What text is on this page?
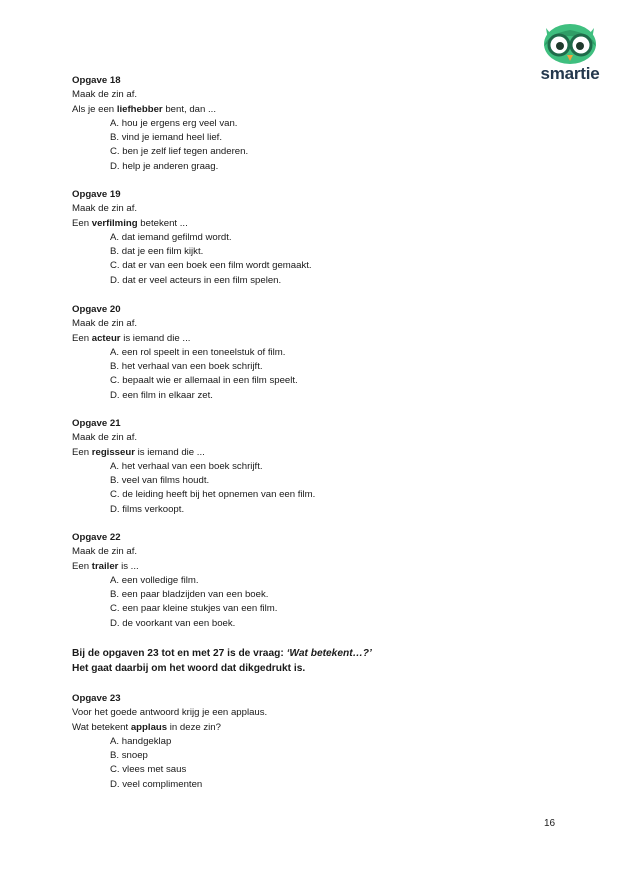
smartie
Opgave 18
Maak de zin af.
Als je een liefhebber bent, dan ...
A. hou je ergens erg veel van.
B. vind je iemand heel lief.
C. ben je zelf lief tegen anderen.
D. help je anderen graag.
Opgave 19
Maak de zin af.
Een verfilming betekent ...
A. dat iemand gefilmd wordt.
B. dat je een film kijkt.
C. dat er van een boek een film wordt gemaakt.
D. dat er veel acteurs in een film spelen.
Opgave 20
Maak de zin af.
Een acteur is iemand die ...
A. een rol speelt in een toneelstuk of film.
B. het verhaal van een boek schrijft.
C. bepaalt wie er allemaal in een film speelt.
D. een film in elkaar zet.
Opgave 21
Maak de zin af.
Een regisseur is iemand die ...
A. het verhaal van een boek schrijft.
B. veel van films houdt.
C. de leiding heeft bij het opnemen van een film.
D. films verkoopt.
Opgave 22
Maak de zin af.
Een trailer is ...
A. een volledige film.
B. een paar bladzijden van een boek.
C. een paar kleine stukjes van een film.
D. de voorkant van een boek.
Bij de opgaven 23 tot en met 27 is de vraag: ‘Wat betekent…?’
Het gaat daarbij om het woord dat dikgedrukt is.
Opgave 23
Voor het goede antwoord krijg je een applaus.
Wat betekent applaus in deze zin?
A. handgeklap
B. snoep
C. vlees met saus
D. veel complimenten
16
